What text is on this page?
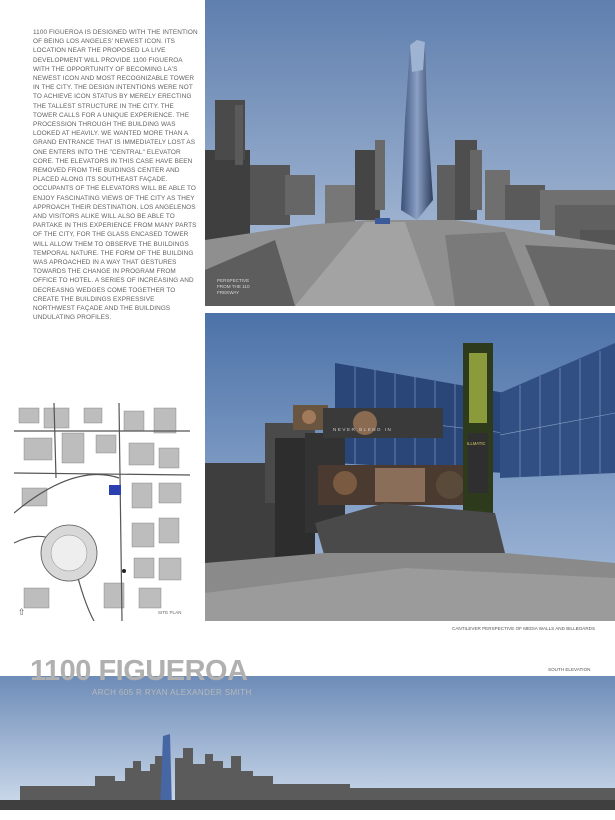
1100 FIGUEROA IS DESIGNED WITH THE INTENTION OF BEING LOS ANGELES' NEWEST ICON. ITS LOCATION NEAR THE PROPOSED LA LIVE DEVELOPMENT WILL PROVIDE 1100 FIGUEROA WITH THE OPPORTUNITY OF BECOMING LA'S NEWEST ICON AND MOST RECOGNIZABLE TOWER IN THE CITY. THE DESIGN INTENTIONS WERE NOT TO ACHIEVE ICON STATUS BY MERELY ERECTING THE TALLEST STRUCTURE IN THE CITY. THE TOWER CALLS FOR A UNIQUE EXPERIENCE. THE PROCESSION THROUGH THE BUILDING WAS LOOKED AT HEAVILY. WE WANTED MORE THAN A GRAND ENTRANCE THAT IS IMMEDIATELY LOST AS ONE ENTERS INTO THE "CENTRAL" ELEVATOR CORE. THE ELEVATORS IN THIS CASE HAVE BEEN REMOVED FROM THE BUIDINGS CENTER AND PLACED ALONG ITS SOUTHEAST FAÇADE. OCCUPANTS OF THE ELEVATORS WILL BE ABLE TO ENJOY FASCINATING VIEWS OF THE CITY AS THEY APPROACH THEIR DESTINATION. LOS ANGELENOS AND VISITORS ALIKE WILL ALSO BE ABLE TO PARTAKE IN THIS EXPERIENCE FROM MANY PARTS OF THE CITY, FOR THE GLASS ENCASED TOWER WILL ALLOW THEM TO OBSERVE THE BUILDINGS TEMPORAL NATURE. THE FORM OF THE BUILDING WAS APROACHED IN A WAY THAT GESTURES TOWARDS THE CHANGE IN PROGRAM FROM OFFICE TO HOTEL. A SERIES OF INCREASING AND DECREASNG WEDGES COME TOGETHER TO CREATE THE BUILDINGS EXPRESSIVE NORTHWEST FAÇADE AND THE BUILDINGS UNDULATING PROFILES.
PERSPECTIVE
FROM THE 110
FREEWAY
NEVER BLEND IN
ILLMATIC
⇧	SITE PLAN
CANTILEVER PERSPECTIVE OF MEDIA WALLS AND BILLBOARDS
SOUTH ELEVATION
1100 FIGUEROA
ARCH 605 R RYAN ALEXANDER SMITH
